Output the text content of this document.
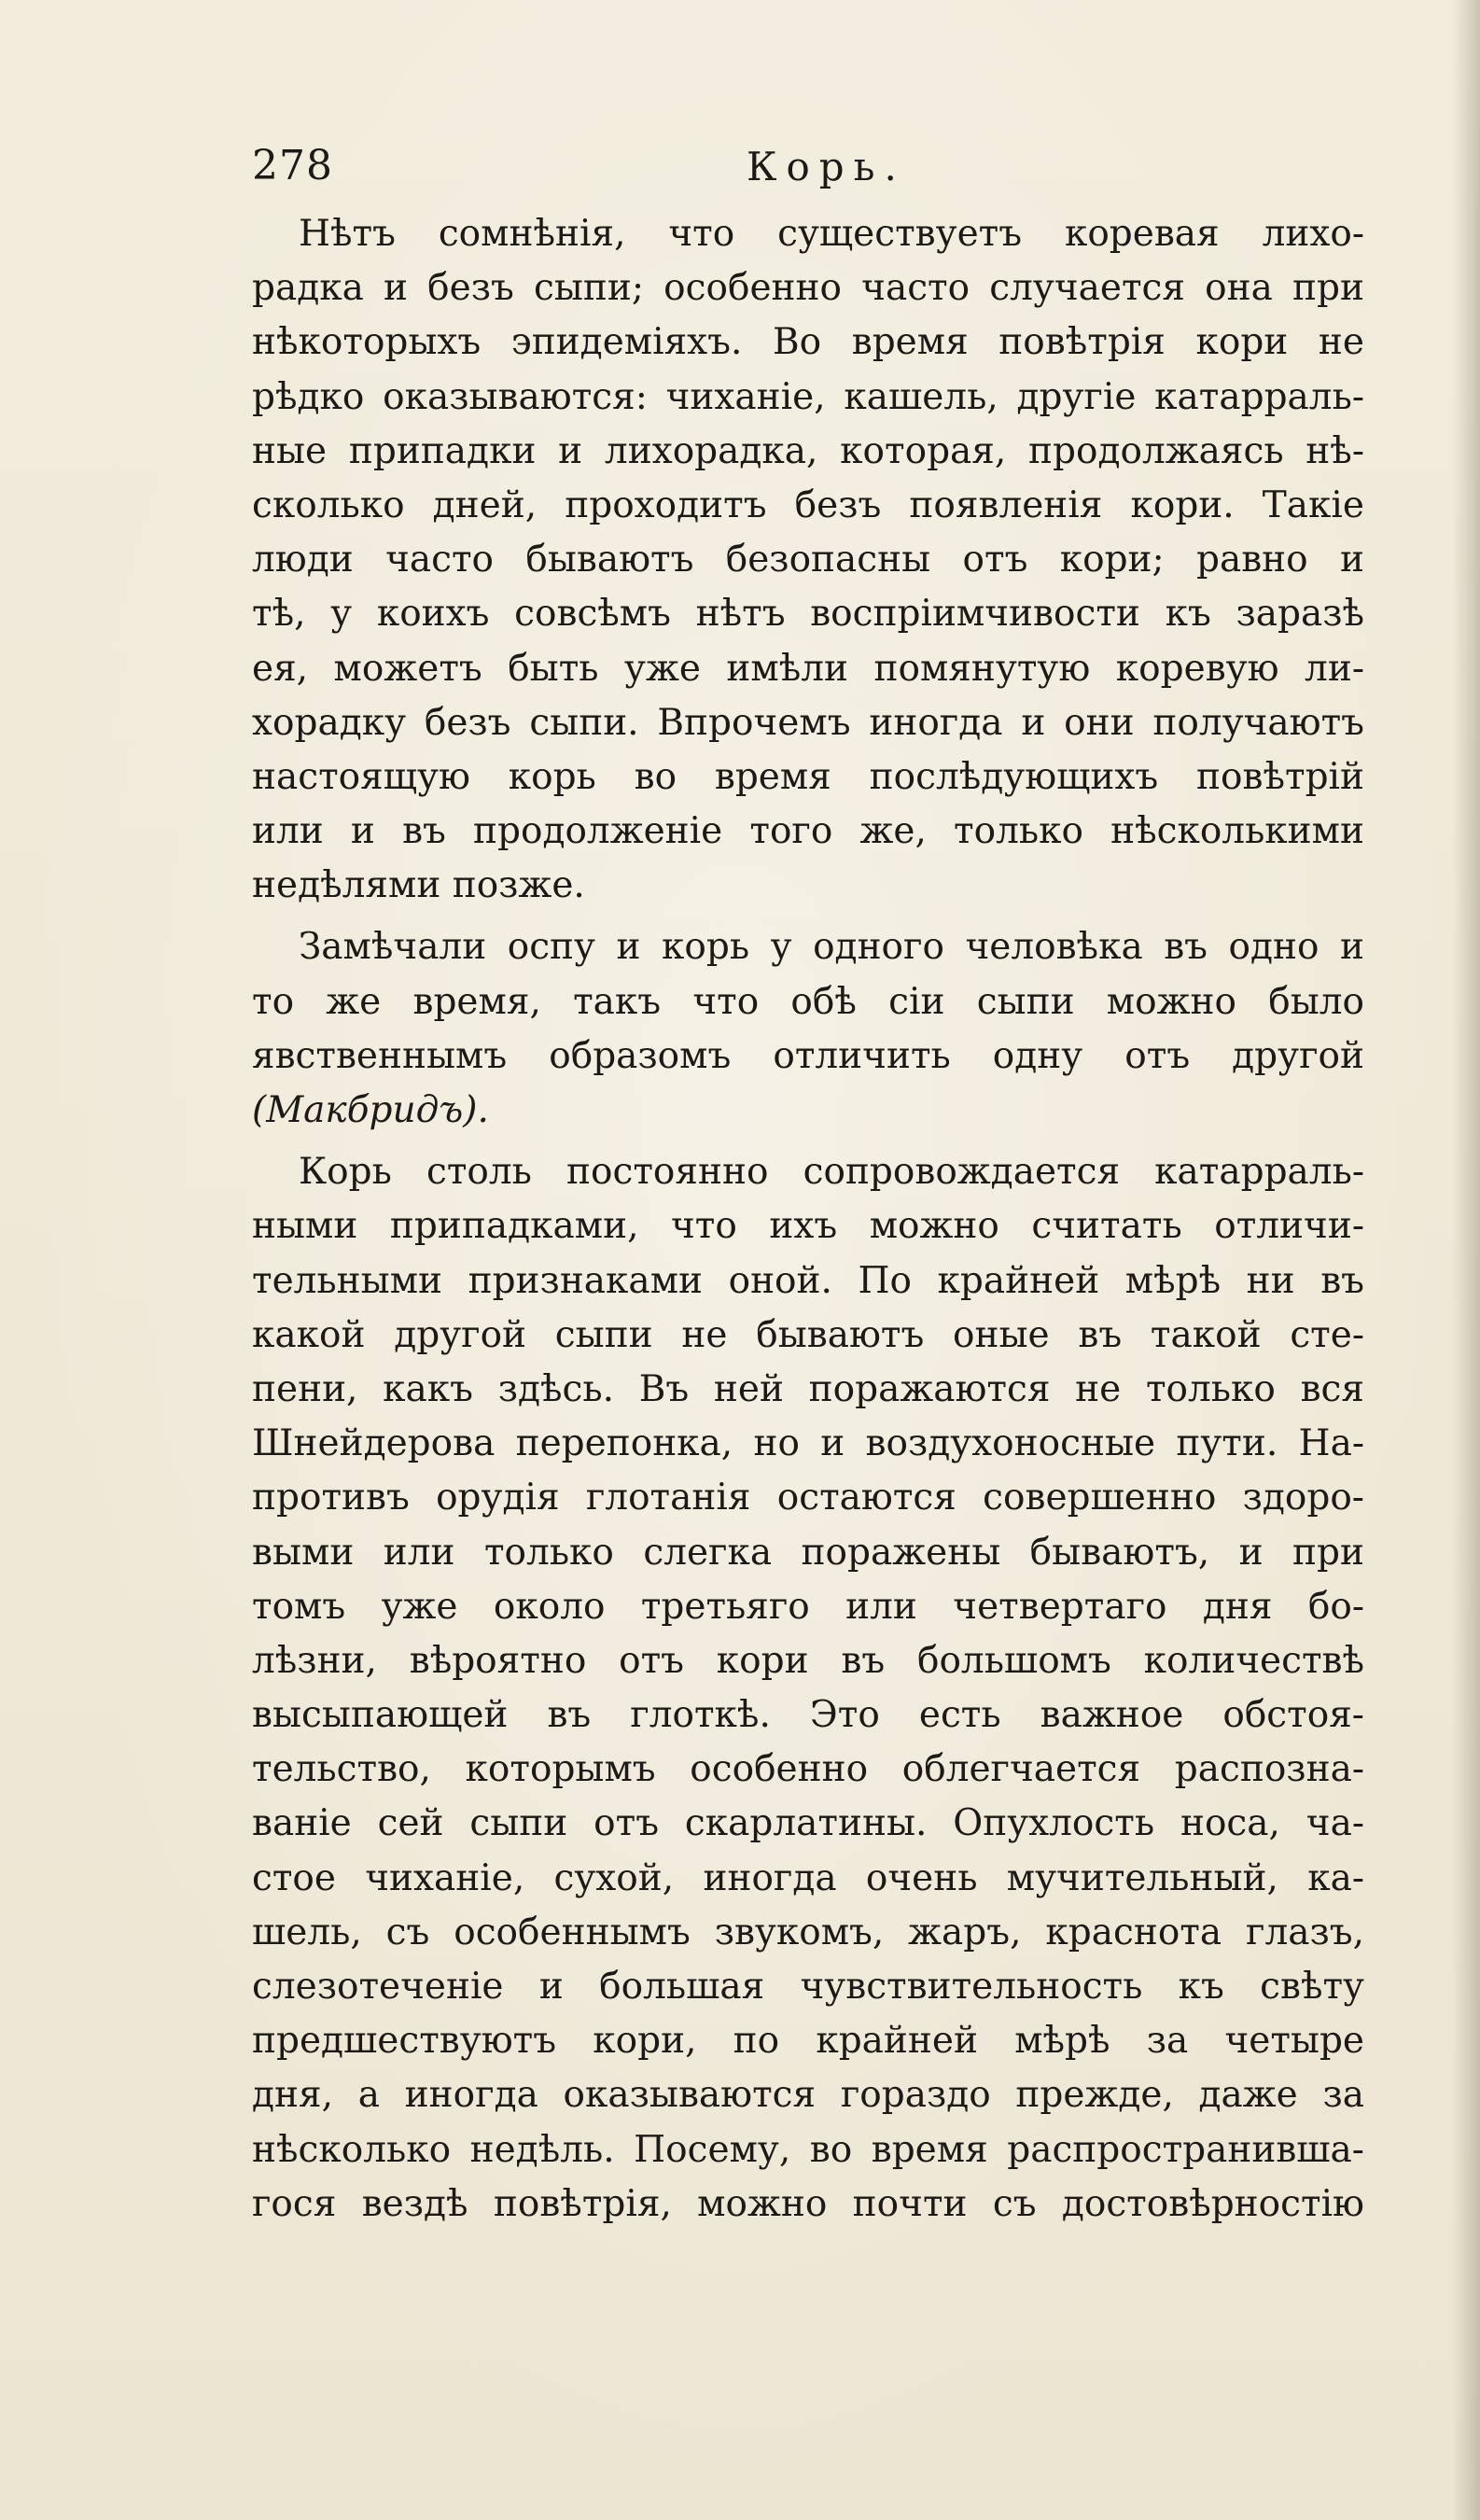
278	Корь.
Нѣтъ сомнѣнія, что существуетъ коревая лихо-
радка и безъ сыпи; особенно часто случается она при
нѣкоторыхъ эпидеміяхъ. Во время повѣтрія кори не
рѣдко оказываются: чиханіе, кашель, другіе катарраль-
ные припадки и лихорадка, которая, продолжаясь нѣ-
сколько дней, проходитъ безъ появленія кори. Такіе
люди часто бываютъ безопасны отъ кори; равно и
тѣ, у коихъ совсѣмъ нѣтъ воспріимчивости къ заразѣ
ея, можетъ быть уже имѣли помянутую коревую ли-
хорадку безъ сыпи. Впрочемъ иногда и они получаютъ
настоящую корь во время послѣдующихъ повѣтрій
или и въ продолженіе того же, только нѣсколькими
недѣлями позже.
Замѣчали оспу и корь у одного человѣка въ одно и
то же время, такъ что обѣ сіи сыпи можно было
явственнымъ образомъ отличить одну отъ другой
(Макбридъ).
Корь столь постоянно сопровождается катарраль-
ными припадками, что ихъ можно считать отличи-
тельными признаками оной. По крайней мѣрѣ ни въ
какой другой сыпи не бываютъ оные въ такой сте-
пени, какъ здѣсь. Въ ней поражаются не только вся
Шнейдерова перепонка, но и воздухоносные пути. На-
противъ орудія глотанія остаются совершенно здоро-
выми или только слегка поражены бываютъ, и при
томъ уже около третьяго или четвертаго дня бо-
лѣзни, вѣроятно отъ кори въ большомъ количествѣ
высыпающей въ глоткѣ. Это есть важное обстоя-
тельство, которымъ особенно облегчается распозна-
ваніе сей сыпи отъ скарлатины. Опухлость носа, ча-
стое чиханіе, сухой, иногда очень мучительный, ка-
шель, съ особеннымъ звукомъ, жаръ, краснота глазъ,
слезотеченіе и большая чувствительность къ свѣту
предшествуютъ кори, по крайней мѣрѣ за четыре
дня, а иногда оказываются гораздо прежде, даже за
нѣсколько недѣль. Посему, во время распространивша-
гося вездѣ повѣтрія, можно почти съ достовѣрностію
